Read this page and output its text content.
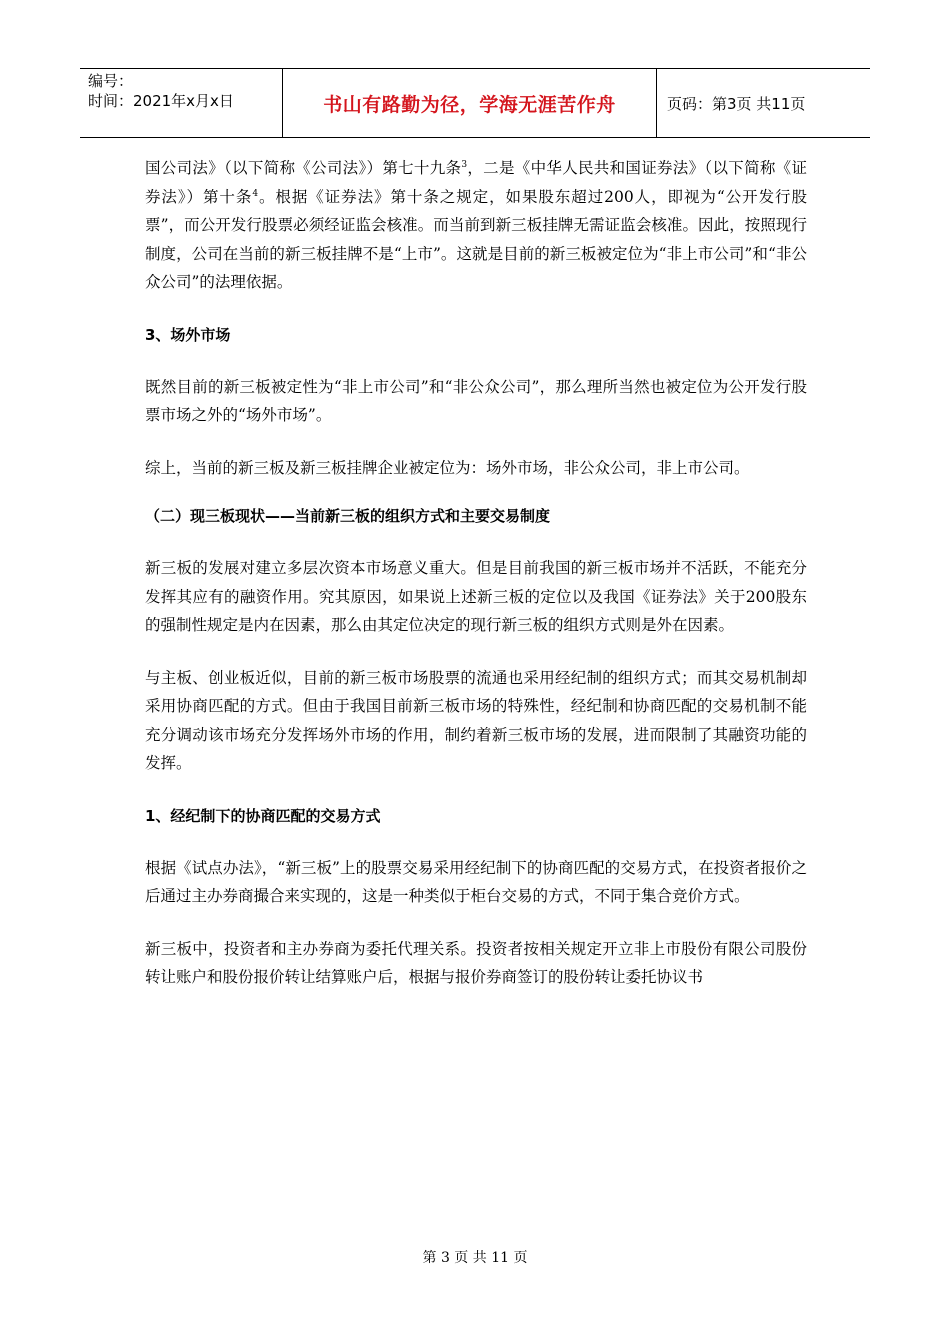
编号：
时间：2021年x月x日	书山有路勤为径，学海无涯苦作舟	页码：第3页 共11页

国公司法》（以下简称《公司法》）第七十九条$^3$，二是《中华人民共和国证券法》（以下简称《证券法》）第十条$^4$。根据《证券法》第十条之规定，如果股东超过200人，即视为“公开发行股票”，而公开发行股票必须经证监会核准。而当前到新三板挂牌无需证监会核准。因此，按照现行制度，公司在当前的新三板挂牌不是“上市”。这就是目前的新三板被定位为“非上市公司”和“非公众公司”的法理依据。

3、场外市场

既然目前的新三板被定性为“非上市公司”和“非公众公司”，那么理所当然也被定位为公开发行股票市场之外的“场外市场”。

综上，当前的新三板及新三板挂牌企业被定位为：场外市场，非公众公司，非上市公司。

（二）现三板现状——当前新三板的组织方式和主要交易制度

新三板的发展对建立多层次资本市场意义重大。但是目前我国的新三板市场并不活跃，不能充分发挥其应有的融资作用。究其原因，如果说上述新三板的定位以及我国《证券法》关于200股东的强制性规定是内在因素，那么由其定位决定的现行新三板的组织方式则是外在因素。

与主板、创业板近似，目前的新三板市场股票的流通也采用经纪制的组织方式；而其交易机制却采用协商匹配的方式。但由于我国目前新三板市场的特殊性，经纪制和协商匹配的交易机制不能充分调动该市场充分发挥场外市场的作用，制约着新三板市场的发展，进而限制了其融资功能的发挥。

1、经纪制下的协商匹配的交易方式

根据《试点办法》，“新三板”上的股票交易采用经纪制下的协商匹配的交易方式，在投资者报价之后通过主办券商撮合来实现的，这是一种类似于柜台交易的方式，不同于集合竞价方式。

新三板中，投资者和主办券商为委托代理关系。投资者按相关规定开立非上市股份有限公司股份转让账户和股份报价转让结算账户后，根据与报价券商签订的股份转让委托协议书

第 3 页 共 11 页
